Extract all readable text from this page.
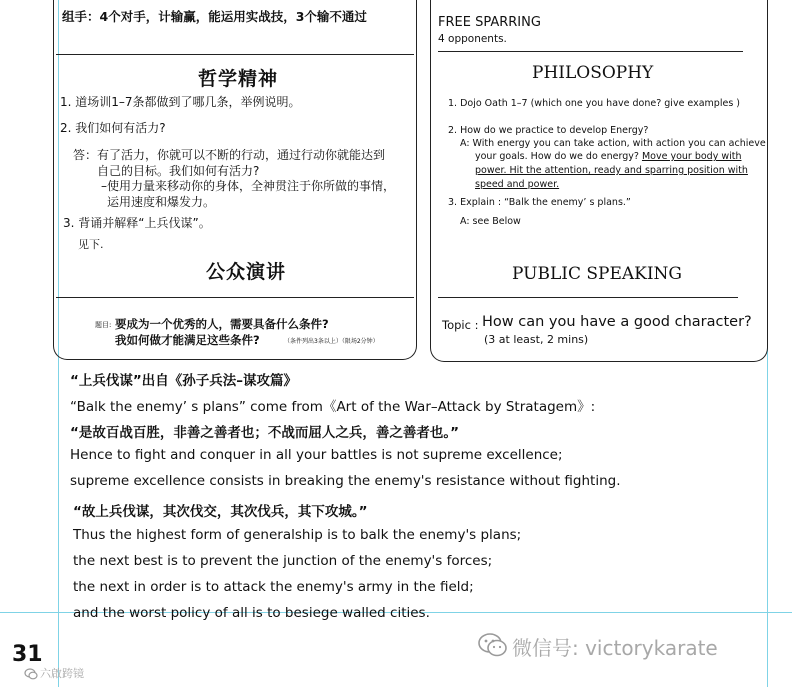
组手：4个对手，计输赢，能运用实战技，3个输不通过
哲学精神
1. 道场训1–7条都做到了哪几条，举例说明。
2. 我们如何有活力?
答：有了活力，你就可以不断的行动，通过行动你就能达到
自己的目标。我们如何有活力?
–使用力量来移动你的身体，全神贯注于你所做的事情，
运用速度和爆发力。
3. 背诵并解释“上兵伐谋”。
见下.
公众演讲
题目: 要成为一个优秀的人，需要具备什么条件?
我如何做才能满足这些条件?	（条件列出3条以上）（限场2分钟）
FREE SPARRING
4 opponents.
PHILOSOPHY
1. Dojo Oath 1–7 (which one you have done? give examples )
2. How do we practice to develop Energy?
A: With energy you can take action, with action you can achieve
your goals. How do we do energy? Move your body with
power. Hit the attention, ready and sparring position with
speed and power.
3. Explain : “Balk the enemy’ s plans.”
A: see Below
PUBLIC SPEAKING
Topic : How can you have a good character?
(3 at least, 2 mins)
“上兵伐谋”出自《孙子兵法–谋攻篇》
“Balk the enemy’ s plans” come from《Art of the War–Attack by Stratagem》:
“是故百战百胜，非善之善者也；不战而屈人之兵，善之善者也。”
Hence to fight and conquer in all your battles is not supreme excellence;
supreme excellence consists in breaking the enemy's resistance without fighting.
“故上兵伐谋，其次伐交，其次伐兵，其下攻城。”
Thus the highest form of generalship is to balk the enemy's plans;
the next best is to prevent the junction of the enemy's forces;
the next in order is to attack the enemy's army in the field;
and the worst policy of all is to besiege walled cities.
31	微信号: victorykarate
六啟跨镜
